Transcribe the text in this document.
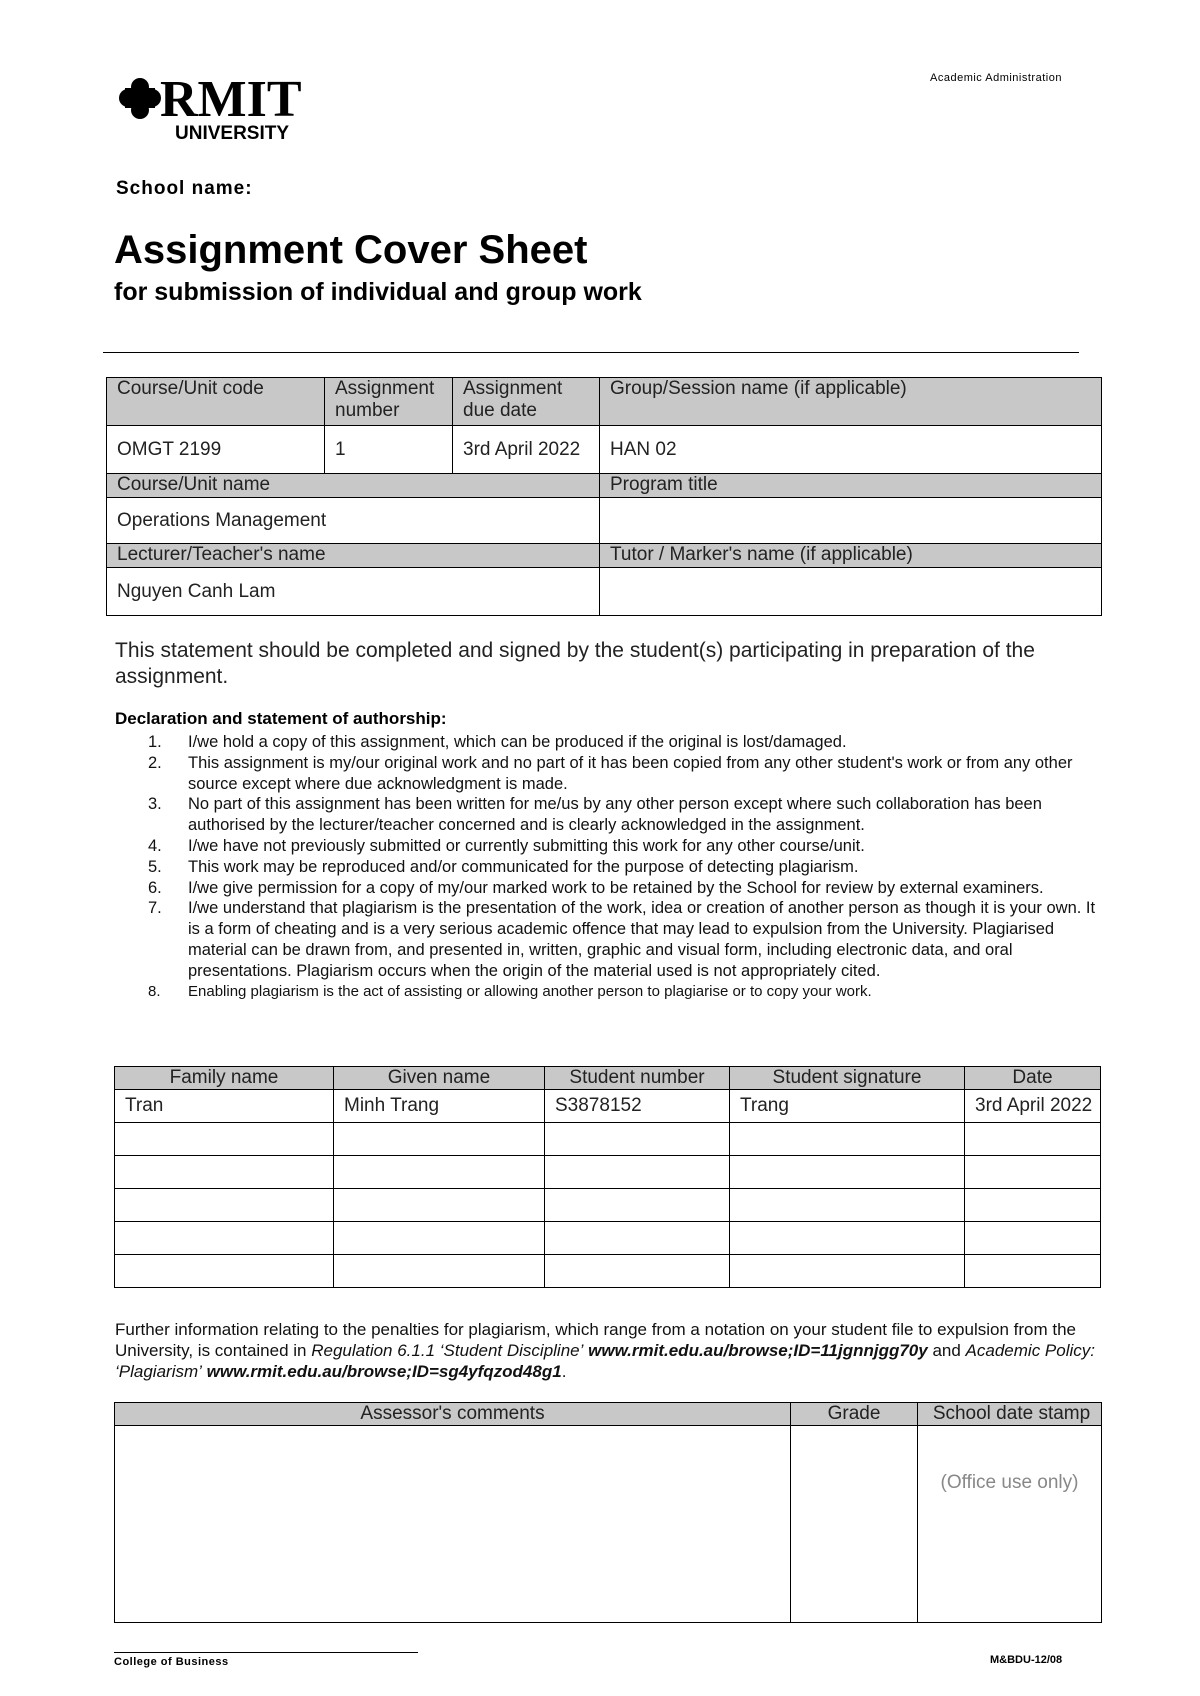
RMIT
UNIVERSITY
Academic Administration
School name:
Assignment Cover Sheet
for submission of individual and group work
Course/Unit code	Assignment number	Assignment due date	Group/Session name (if applicable)
OMGT 2199	1	3rd April 2022	HAN 02
Course/Unit name			Program title
Operations Management			
Lecturer/Teacher's name			Tutor / Marker's name (if applicable)
Nguyen Canh Lam			
This statement should be completed and signed by the student(s) participating in preparation of the assignment.
Declaration and statement of authorship:
1.	I/we hold a copy of this assignment, which can be produced if the original is lost/damaged.
2.	This assignment is my/our original work and no part of it has been copied from any other student's work or from any other source except where due acknowledgment is made.
3.	No part of this assignment has been written for me/us by any other person except where such collaboration has been authorised by the lecturer/teacher concerned and is clearly acknowledged in the assignment.
4.	I/we have not previously submitted or currently submitting this work for any other course/unit.
5.	This work may be reproduced and/or communicated for the purpose of detecting plagiarism.
6.	I/we give permission for a copy of my/our marked work to be retained by the School for review by external examiners.
7.	I/we understand that plagiarism is the presentation of the work, idea or creation of another person as though it is your own. It is a form of cheating and is a very serious academic offence that may lead to expulsion from the University. Plagiarised material can be drawn from, and presented in, written, graphic and visual form, including electronic data, and oral presentations. Plagiarism occurs when the origin of the material used is not appropriately cited.
8.	Enabling plagiarism is the act of assisting or allowing another person to plagiarise or to copy your work.
Family name	Given name	Student number	Student signature	Date
Tran	Minh Trang	S3878152	Trang	3rd April 2022

Further information relating to the penalties for plagiarism, which range from a notation on your student file to expulsion from the University, is contained in Regulation 6.1.1 ‘Student Discipline’ www.rmit.edu.au/browse;ID=11jgnnjgg70y and Academic Policy: ‘Plagiarism’ www.rmit.edu.au/browse;ID=sg4yfqzod48g1.
Assessor's comments	Grade	School date stamp
		(Office use only)
College of Business	M&BDU-12/08
